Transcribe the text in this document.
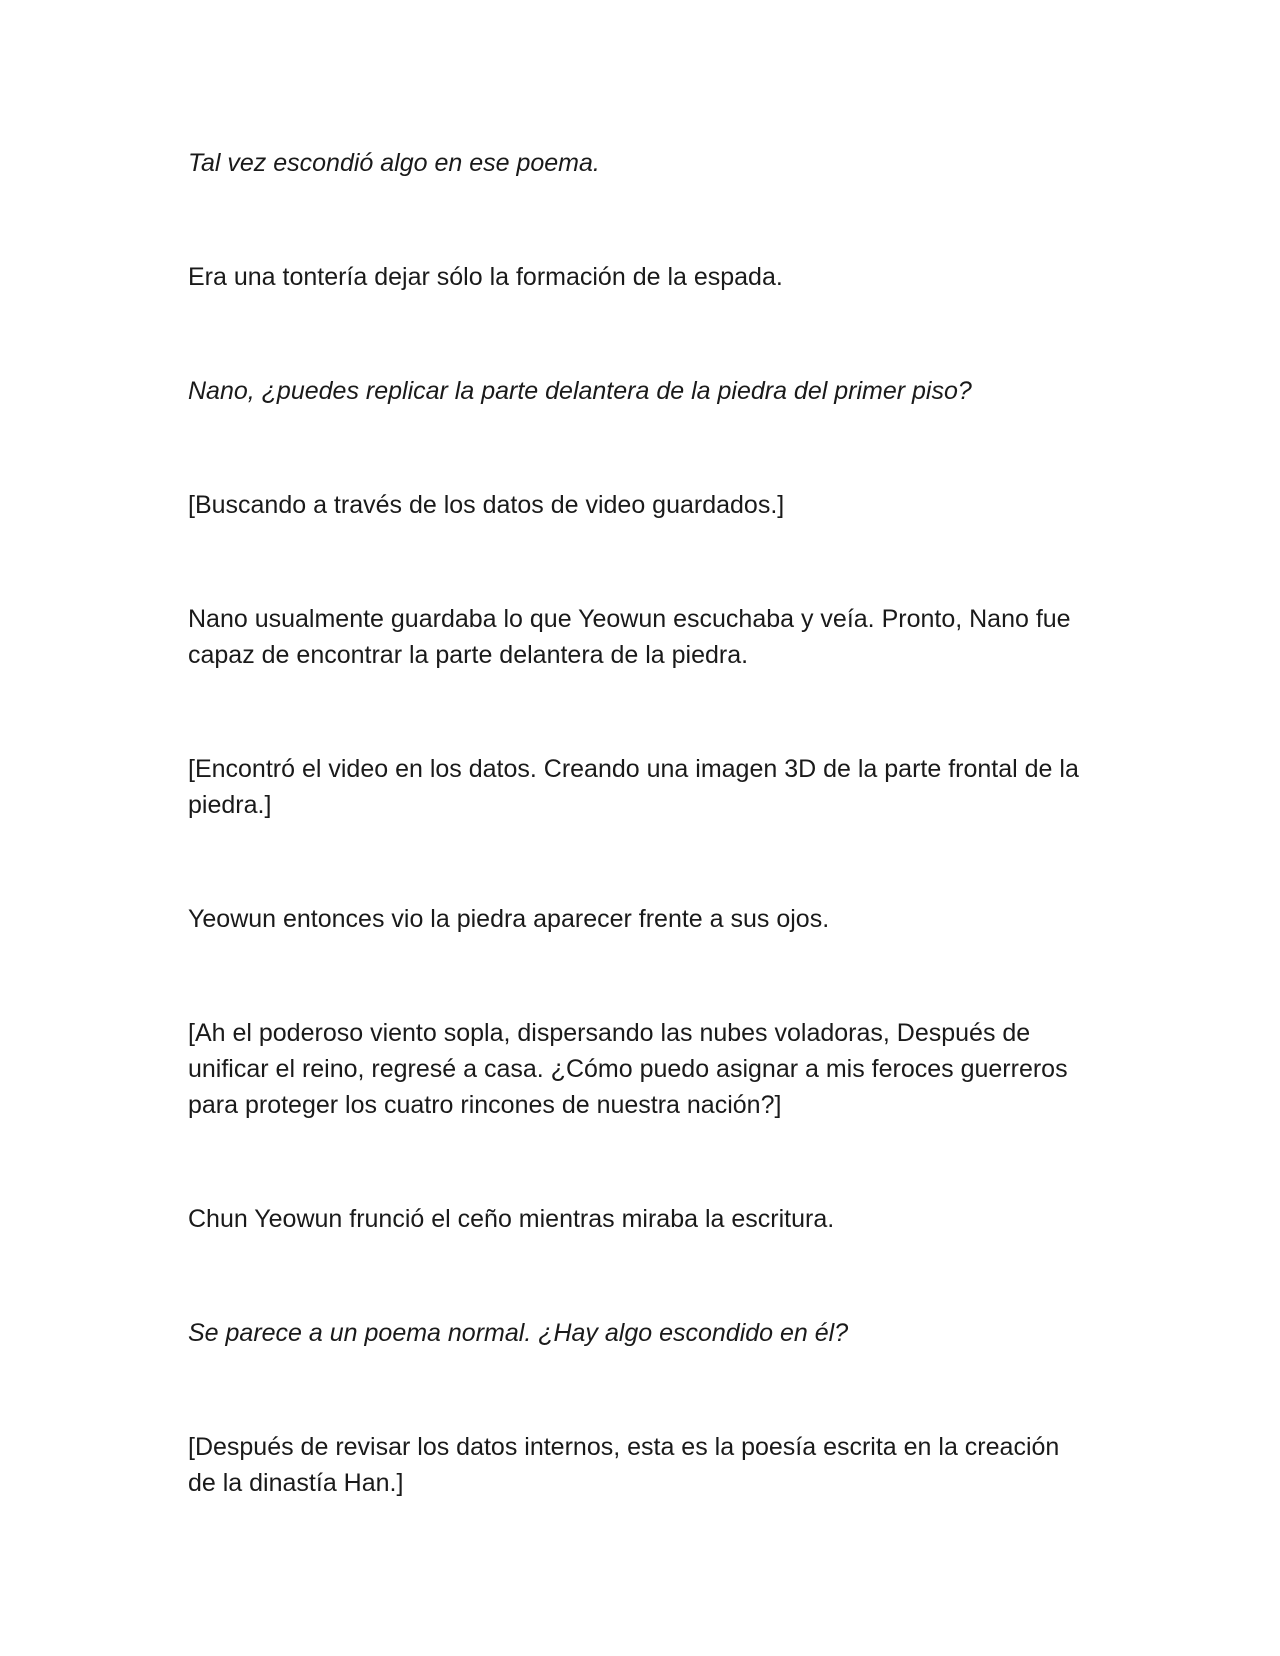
Tal vez escondió algo en ese poema.

Era una tontería dejar sólo la formación de la espada.

Nano, ¿puedes replicar la parte delantera de la piedra del primer piso?

[Buscando a través de los datos de video guardados.]

Nano usualmente guardaba lo que Yeowun escuchaba y veía. Pronto, Nano fue capaz de encontrar la parte delantera de la piedra.

[Encontró el video en los datos. Creando una imagen 3D de la parte frontal de la piedra.]

Yeowun entonces vio la piedra aparecer frente a sus ojos.

[Ah el poderoso viento sopla, dispersando las nubes voladoras, Después de unificar el reino, regresé a casa. ¿Cómo puedo asignar a mis feroces guerreros para proteger los cuatro rincones de nuestra nación?]

Chun Yeowun frunció el ceño mientras miraba la escritura.

Se parece a un poema normal. ¿Hay algo escondido en él?

[Después de revisar los datos internos, esta es la poesía escrita en la creación de la dinastía Han.]
